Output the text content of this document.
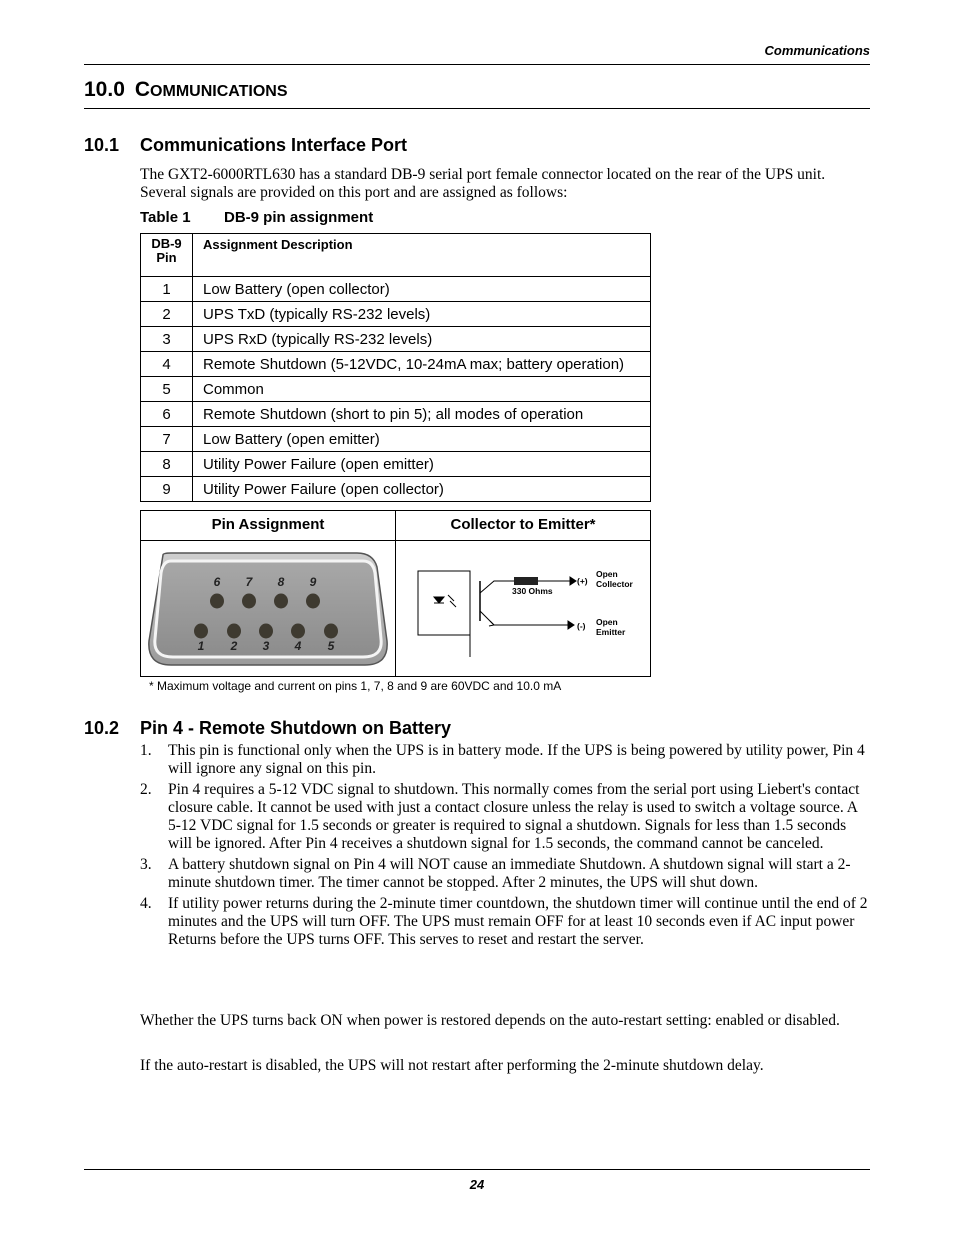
Communications
10.0 COMMUNICATIONS
10.1 Communications Interface Port
The GXT2-6000RTL630 has a standard DB-9 serial port female connector located on the rear of the UPS unit. Several signals are provided on this port and are assigned as follows:
Table 1 DB-9 pin assignment
DB-9
Pin	Assignment Description
1	Low Battery (open collector)
2	UPS TxD (typically RS-232 levels)
3	UPS RxD (typically RS-232 levels)
4	Remote Shutdown (5-12VDC, 10-24mA max; battery operation)
5	Common
6	Remote Shutdown (short to pin 5); all modes of operation
7	Low Battery (open emitter)
8	Utility Power Failure (open emitter)
9	Utility Power Failure (open collector)
Pin Assignment	Collector to Emitter*
6 7 8 9
1 2 3 4 5
330 Ohms
(+)
(-)
Open
Collector
Open
Emitter
* Maximum voltage and current on pins 1, 7, 8 and 9 are 60VDC and 10.0 mA
10.2 Pin 4 - Remote Shutdown on Battery
1. This pin is functional only when the UPS is in battery mode. If the UPS is being powered by utility power, Pin 4 will ignore any signal on this pin.
2. Pin 4 requires a 5-12 VDC signal to shutdown. This normally comes from the serial port using Liebert's contact closure cable. It cannot be used with just a contact closure unless the relay is used to switch a voltage source. A 5-12 VDC signal for 1.5 seconds or greater is required to signal a shutdown. Signals for less than 1.5 seconds will be ignored. After Pin 4 receives a shutdown signal for 1.5 seconds, the command cannot be canceled.
3. A battery shutdown signal on Pin 4 will NOT cause an immediate Shutdown. A shutdown signal will start a 2-minute shutdown timer. The timer cannot be stopped. After 2 minutes, the UPS will shut down.
4. If utility power returns during the 2-minute timer countdown, the shutdown timer will continue until the end of 2 minutes and the UPS will turn OFF. The UPS must remain OFF for at least 10 seconds even if AC input power Returns before the UPS turns OFF. This serves to reset and restart the server.
Whether the UPS turns back ON when power is restored depends on the auto-restart setting: enabled or disabled.
If the auto-restart is disabled, the UPS will not restart after performing the 2-minute shutdown delay.
24
